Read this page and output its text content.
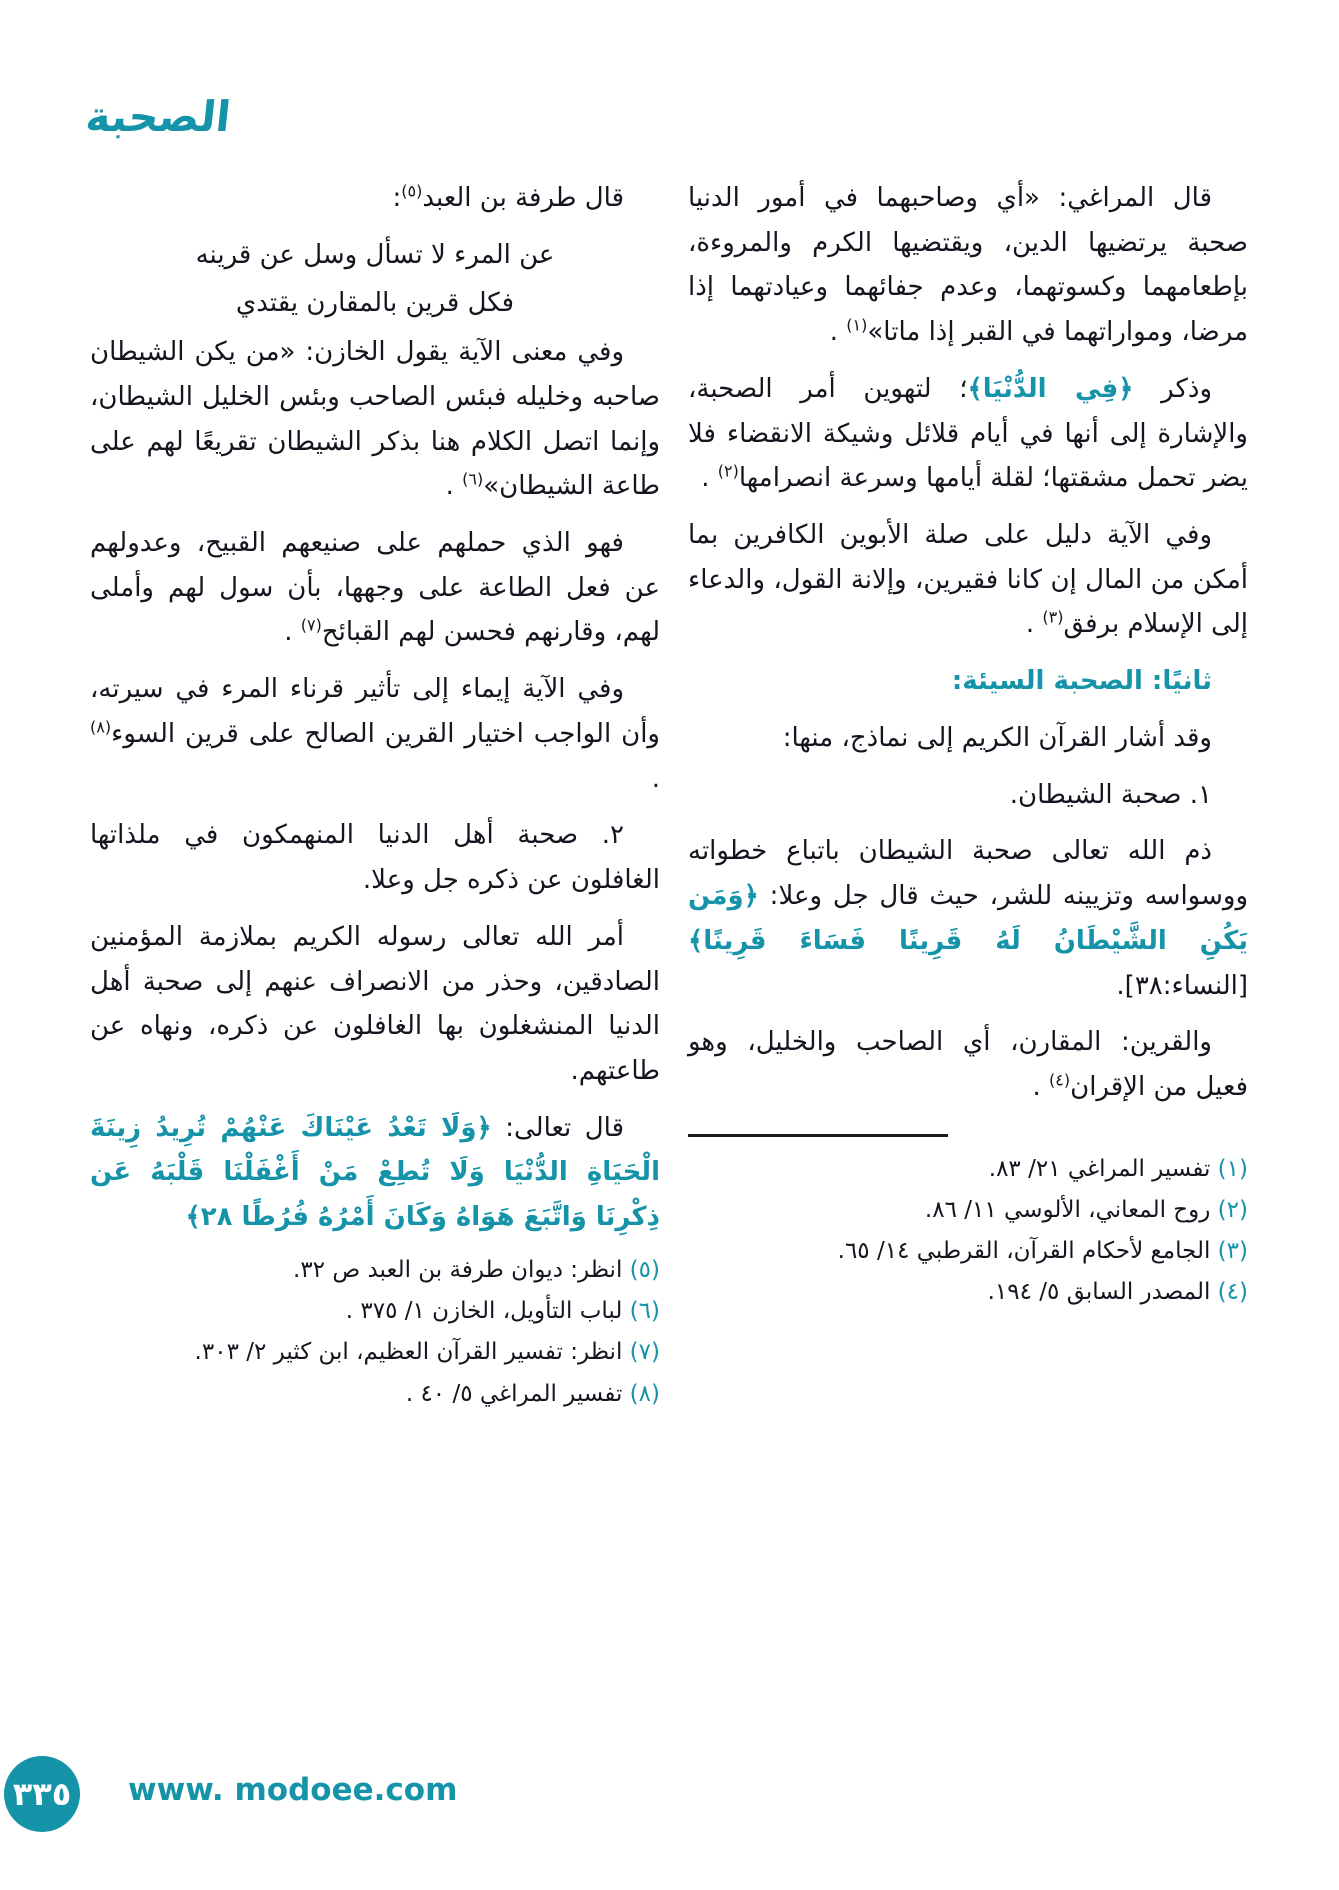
الصحبة

قال المراغي: «أي وصاحبهما في أمور الدنيا صحبة يرتضيها الدين، ويقتضيها الكرم والمروءة، بإطعامهما وكسوتهما، وعدم جفائهما وعيادتهما إذا مرضا، ومواراتهما في القبر إذا ماتا»$^{(١)}$ .

وذكر ﴿فِي الدُّنْيَا﴾؛ لتهوين أمر الصحبة، والإشارة إلى أنها في أيام قلائل وشيكة الانقضاء فلا يضر تحمل مشقتها؛ لقلة أيامها وسرعة انصرامها$^{(٢)}$ .

وفي الآية دليل على صلة الأبوين الكافرين بما أمكن من المال إن كانا فقيرين، وإلانة القول، والدعاء إلى الإسلام برفق$^{(٣)}$ .

ثانيًا: الصحبة السيئة:

وقد أشار القرآن الكريم إلى نماذج، منها:

١. صحبة الشيطان.

ذم الله تعالى صحبة الشيطان باتباع خطواته ووسواسه وتزيينه للشر، حيث قال جل وعلا: ﴿وَمَن يَكُنِ الشَّيْطَانُ لَهُ قَرِينًا فَسَاءَ قَرِينًا﴾ [النساء:٣٨].

والقرين: المقارن، أي الصاحب والخليل، وهو فعيل من الإقران$^{(٤)}$ .

(١) تفسير المراغي ٢١/ ٨٣.

(٢) روح المعاني، الألوسي ١١/ ٨٦.

(٣) الجامع لأحكام القرآن، القرطبي ١٤/ ٦٥.

(٤) المصدر السابق ٥/ ١٩٤.

قال طرفة بن العبد$^{(٥)}$:

عن المرء لا تسأل وسل عن قرينه

فكل قرين بالمقارن يقتدي

وفي معنى الآية يقول الخازن: «من يكن الشيطان صاحبه وخليله فبئس الصاحب وبئس الخليل الشيطان، وإنما اتصل الكلام هنا بذكر الشيطان تقريعًا لهم على طاعة الشيطان»$^{(٦)}$ .

فهو الذي حملهم على صنيعهم القبيح، وعدولهم عن فعل الطاعة على وجهها، بأن سول لهم وأملى لهم، وقارنهم فحسن لهم القبائح$^{(٧)}$ .

وفي الآية إيماء إلى تأثير قرناء المرء في سيرته، وأن الواجب اختيار القرين الصالح على قرين السوء$^{(٨)}$ .

٢. صحبة أهل الدنيا المنهمكون في ملذاتها الغافلون عن ذكره جل وعلا.

أمر الله تعالى رسوله الكريم بملازمة المؤمنين الصادقين، وحذر من الانصراف عنهم إلى صحبة أهل الدنيا المنشغلون بها الغافلون عن ذكره، ونهاه عن طاعتهم.

قال تعالى: ﴿وَلَا تَعْدُ عَيْنَاكَ عَنْهُمْ تُرِيدُ زِينَةَ الْحَيَاةِ الدُّنْيَا وَلَا تُطِعْ مَنْ أَغْفَلْنَا قَلْبَهُ عَن ذِكْرِنَا وَاتَّبَعَ هَوَاهُ وَكَانَ أَمْرُهُ فُرُطًا ٢٨﴾

(٥) انظر: ديوان طرفة بن العبد ص ٣٢.

(٦) لباب التأويل، الخازن ١/ ٣٧٥ .

(٧) انظر: تفسير القرآن العظيم، ابن كثير ٢/ ٣٠٣.

(٨) تفسير المراغي ٥/ ٤٠ .

٣٣٥ www. modoee.com
